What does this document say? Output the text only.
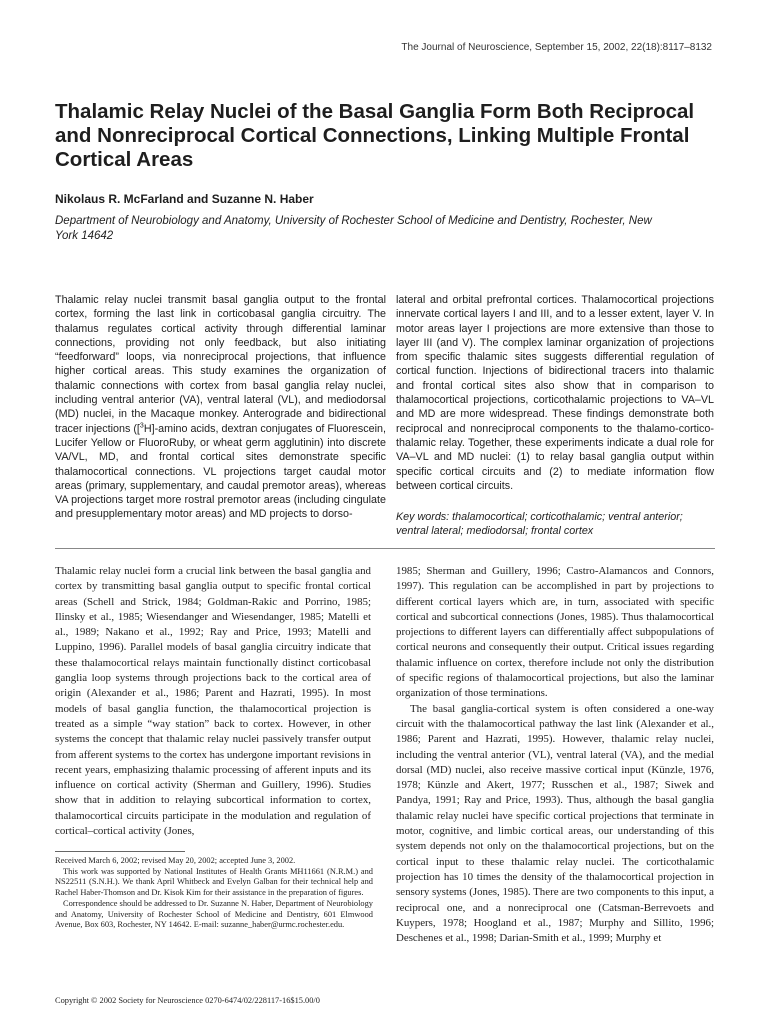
The Journal of Neuroscience, September 15, 2002, 22(18):8117–8132
Thalamic Relay Nuclei of the Basal Ganglia Form Both Reciprocal and Nonreciprocal Cortical Connections, Linking Multiple Frontal Cortical Areas
Nikolaus R. McFarland and Suzanne N. Haber
Department of Neurobiology and Anatomy, University of Rochester School of Medicine and Dentistry, Rochester, New York 14642

Thalamic relay nuclei transmit basal ganglia output to the frontal cortex, forming the last link in corticobasal ganglia circuitry. The thalamus regulates cortical activity through differential laminar connections, providing not only feedback, but also initiating “feedforward” loops, via nonreciprocal projections, that influence higher cortical areas. This study examines the organization of thalamic connections with cortex from basal ganglia relay nuclei, including ventral anterior (VA), ventral lateral (VL), and mediodorsal (MD) nuclei, in the Macaque monkey. Anterograde and bidirectional tracer injections ([$^3$H]-amino acids, dextran conjugates of Fluorescein, Lucifer Yellow or FluoroRuby, or wheat germ agglutinin) into discrete VA/VL, MD, and frontal cortical sites demonstrate specific thalamocortical connections. VL projections target caudal motor areas (primary, supplementary, and caudal premotor areas), whereas VA projections target more rostral premotor areas (including cingulate and presupplementary motor areas) and MD projects to dorso-

lateral and orbital prefrontal cortices. Thalamocortical projections innervate cortical layers I and III, and to a lesser extent, layer V. In motor areas layer I projections are more extensive than those to layer III (and V). The complex laminar organization of projections from specific thalamic sites suggests differential regulation of cortical function. Injections of bidirectional tracers into thalamic and frontal cortical sites also show that in comparison to thalamocortical projections, corticothalamic projections to VA–VL and MD are more widespread. These findings demonstrate both reciprocal and nonreciprocal components to the thalamo-cortico-thalamic relay. Together, these experiments indicate a dual role for VA–VL and MD nuclei: (1) to relay basal ganglia output within specific cortical circuits and (2) to mediate information flow between cortical circuits.

Key words: thalamocortical; corticothalamic; ventral anterior; ventral lateral; mediodorsal; frontal cortex

Thalamic relay nuclei form a crucial link between the basal ganglia and cortex by transmitting basal ganglia output to specific frontal cortical areas (Schell and Strick, 1984; Goldman-Rakic and Porrino, 1985; Ilinsky et al., 1985; Wiesendanger and Wiesendanger, 1985; Matelli et al., 1989; Nakano et al., 1992; Ray and Price, 1993; Matelli and Luppino, 1996). Parallel models of basal ganglia circuitry indicate that these thalamocortical relays maintain functionally distinct corticobasal ganglia loop systems through projections back to the cortical area of origin (Alexander et al., 1986; Parent and Hazrati, 1995). In most models of basal ganglia function, the thalamocortical projection is treated as a simple “way station” back to cortex. However, in other systems the concept that thalamic relay nuclei passively transfer output from afferent systems to the cortex has undergone important revisions in recent years, emphasizing thalamic processing of afferent inputs and its influence on cortical activity (Sherman and Guillery, 1996). Studies show that in addition to relaying subcortical information to cortex, thalamocortical circuits participate in the modulation and regulation of cortical–cortical activity (Jones,

1985; Sherman and Guillery, 1996; Castro-Alamancos and Connors, 1997). This regulation can be accomplished in part by projections to different cortical layers which are, in turn, associated with specific cortical and subcortical connections (Jones, 1985). Thus thalamocortical projections to different layers can differentially affect subpopulations of cortical neurons and consequently their output. Critical issues regarding thalamic influence on cortex, therefore include not only the distribution of specific regions of thalamocortical projections, but also the laminar organization of those terminations.

The basal ganglia-cortical system is often considered a one-way circuit with the thalamocortical pathway the last link (Alexander et al., 1986; Parent and Hazrati, 1995). However, thalamic relay nuclei, including the ventral anterior (VL), ventral lateral (VA), and the medial dorsal (MD) nuclei, also receive massive cortical input (Künzle, 1976, 1978; Künzle and Akert, 1977; Russchen et al., 1987; Siwek and Pandya, 1991; Ray and Price, 1993). Thus, although the basal ganglia thalamic relay nuclei have specific cortical projections that terminate in motor, cognitive, and limbic cortical areas, our understanding of this system depends not only on the thalamocortical projections, but on the cortical input to these thalamic relay nuclei. The corticothalamic projection has 10 times the density of the thalamocortical projection in sensory systems (Jones, 1985). There are two components to this input, a reciprocal one, and a nonreciprocal one (Catsman-Berrevoets and Kuypers, 1978; Hoogland et al., 1987; Murphy and Sillito, 1996; Deschenes et al., 1998; Darian-Smith et al., 1999; Murphy et

Received March 6, 2002; revised May 20, 2002; accepted June 3, 2002.

This work was supported by National Institutes of Health Grants MH11661 (N.R.M.) and NS22511 (S.N.H.). We thank April Whitbeck and Evelyn Galban for their technical help and Rachel Haber-Thomson and Dr. Kisok Kim for their assistance in the preparation of figures.

Correspondence should be addressed to Dr. Suzanne N. Haber, Department of Neurobiology and Anatomy, University of Rochester School of Medicine and Dentistry, 601 Elmwood Avenue, Box 603, Rochester, NY 14642. E-mail: suzanne_haber@urmc.rochester.edu.

Copyright © 2002 Society for Neuroscience 0270-6474/02/228117-16$15.00/0
